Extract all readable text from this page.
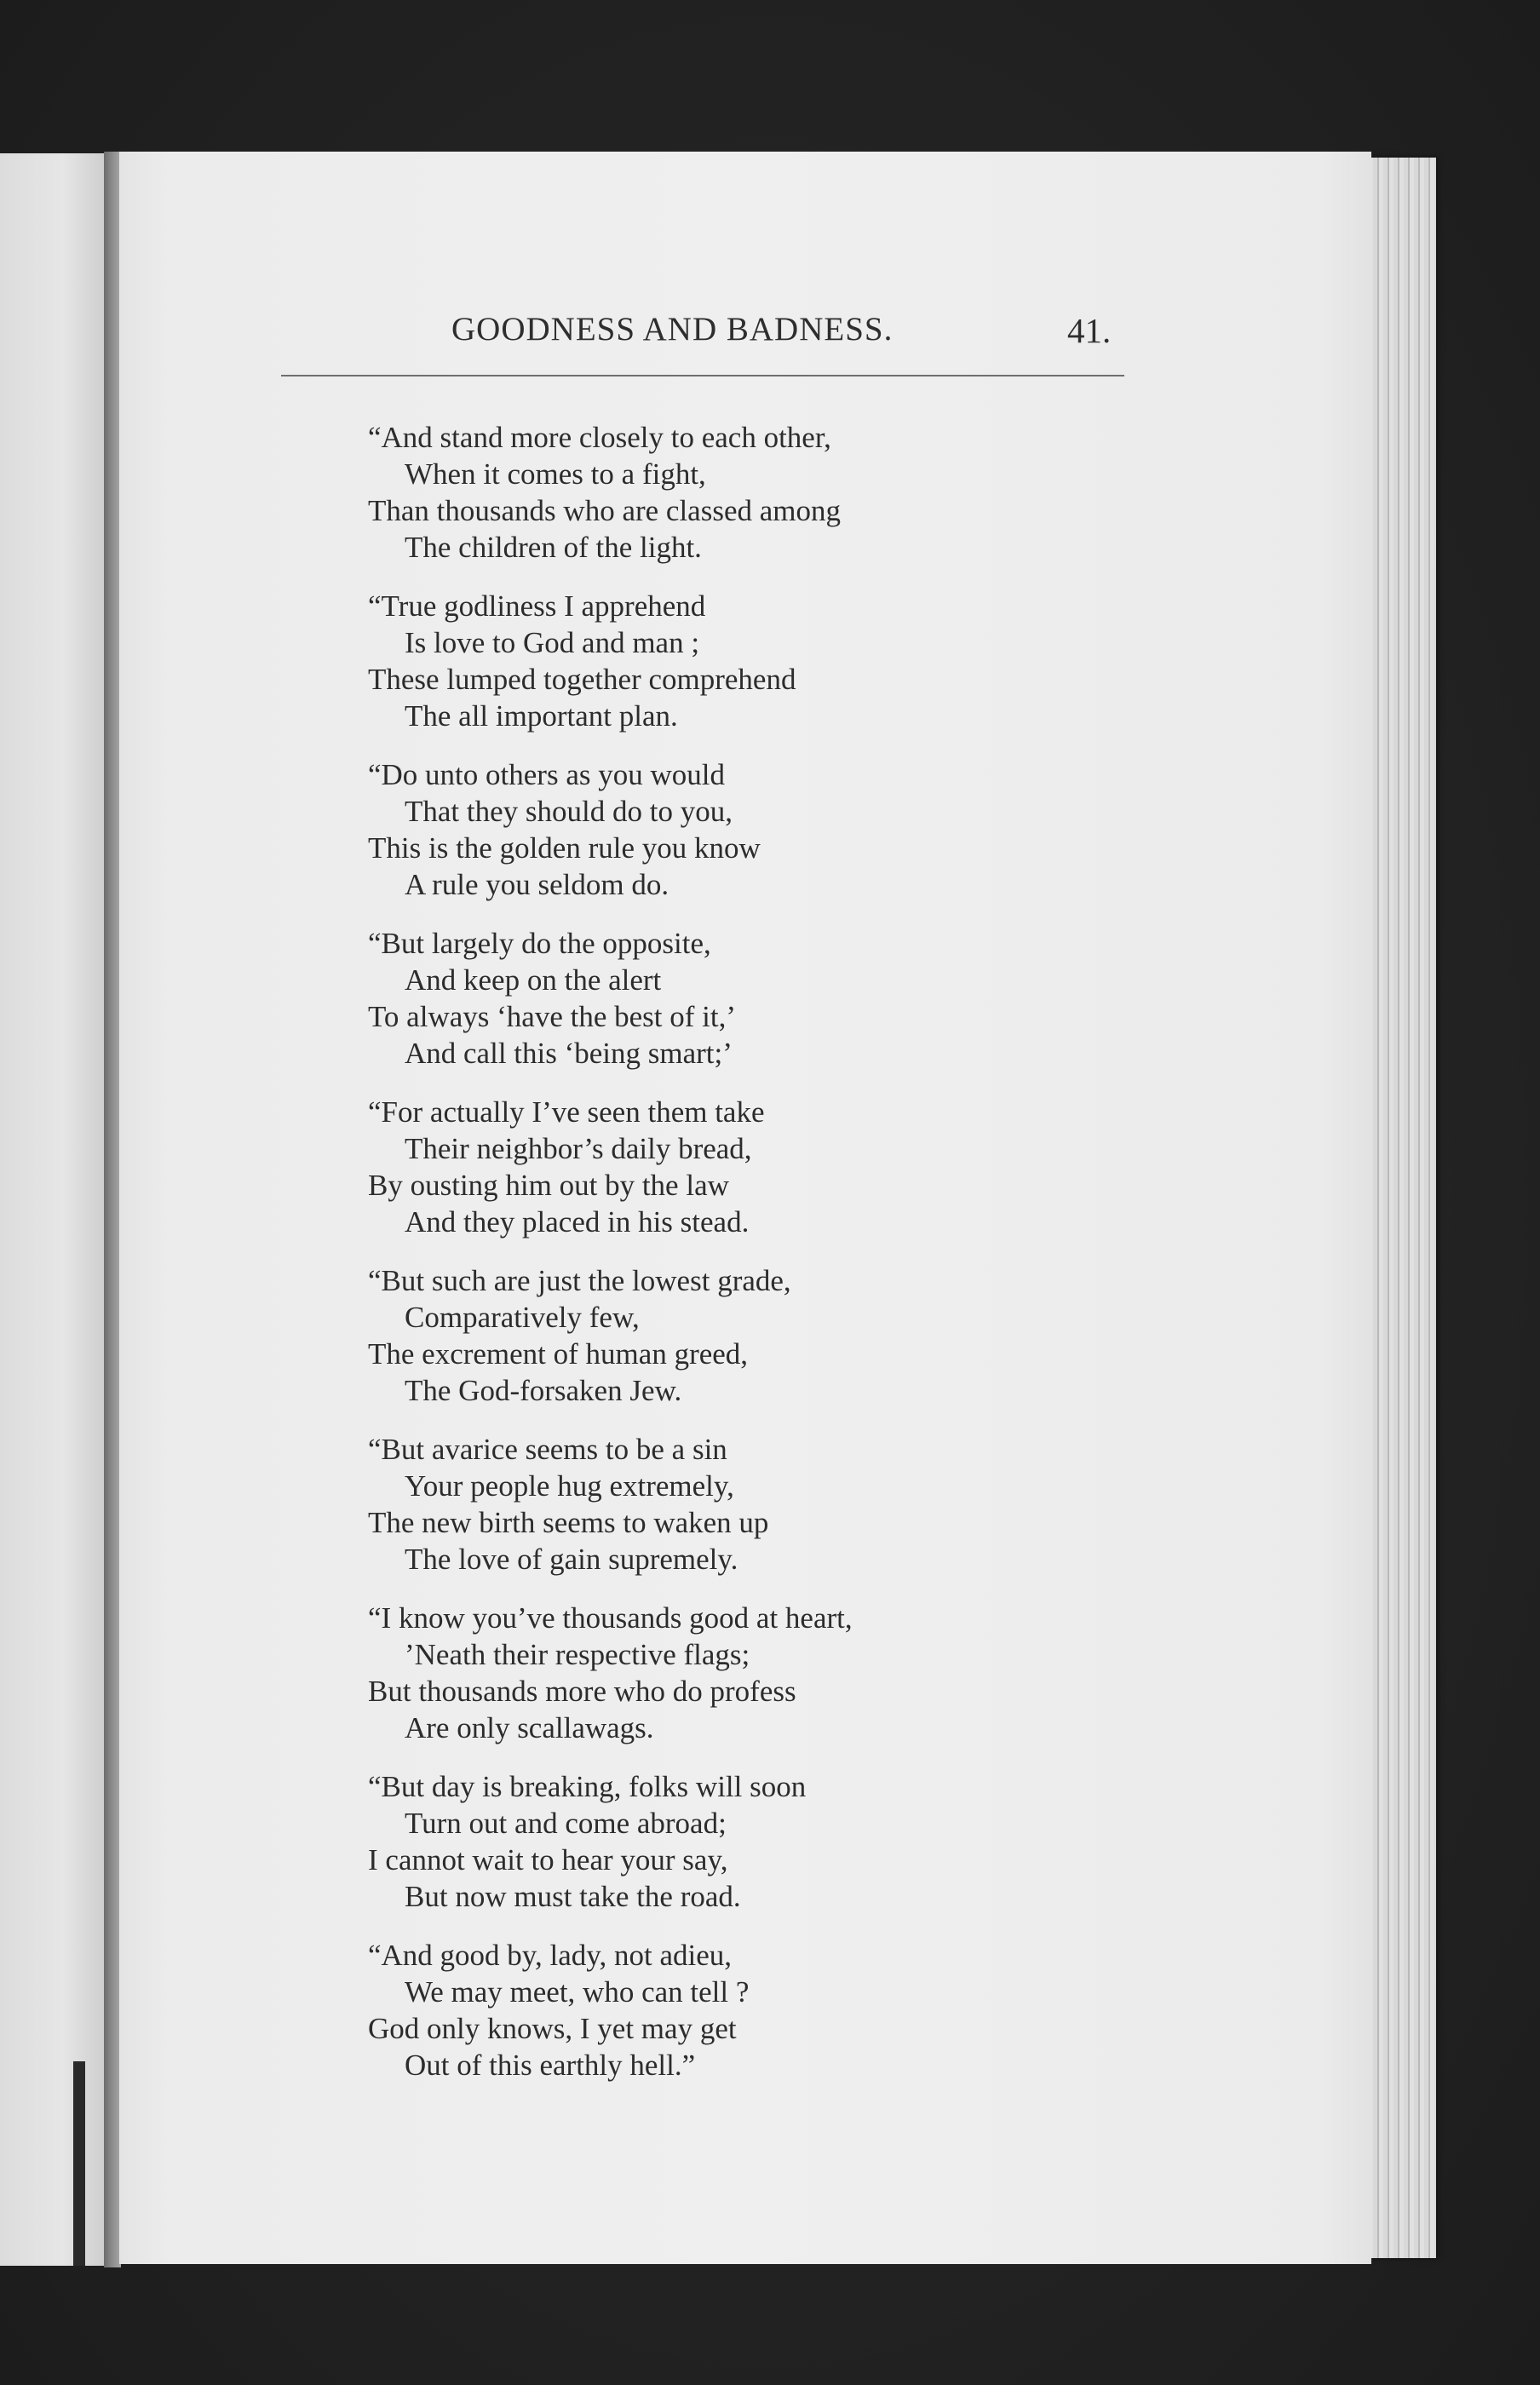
GOODNESS AND BADNESS.	41.
“And stand more closely to each other,
When it comes to a fight,
Than thousands who are classed among
The children of the light.
“True godliness I apprehend
Is love to God and man ;
These lumped together comprehend
The all important plan.
“Do unto others as you would
That they should do to you,
This is the golden rule you know
A rule you seldom do.
“But largely do the opposite,
And keep on the alert
To always ‘have the best of it,’
And call this ‘being smart;’
“For actually I’ve seen them take
Their neighbor’s daily bread,
By ousting him out by the law
And they placed in his stead.
“But such are just the lowest grade,
Comparatively few,
The excrement of human greed,
The God-forsaken Jew.
“But avarice seems to be a sin
Your people hug extremely,
The new birth seems to waken up
The love of gain supremely.
“I know you’ve thousands good at heart,
’Neath their respective flags;
But thousands more who do profess
Are only scallawags.
“But day is breaking, folks will soon
Turn out and come abroad;
I cannot wait to hear your say,
But now must take the road.
“And good by, lady, not adieu,
We may meet, who can tell ?
God only knows, I yet may get
Out of this earthly hell.”
